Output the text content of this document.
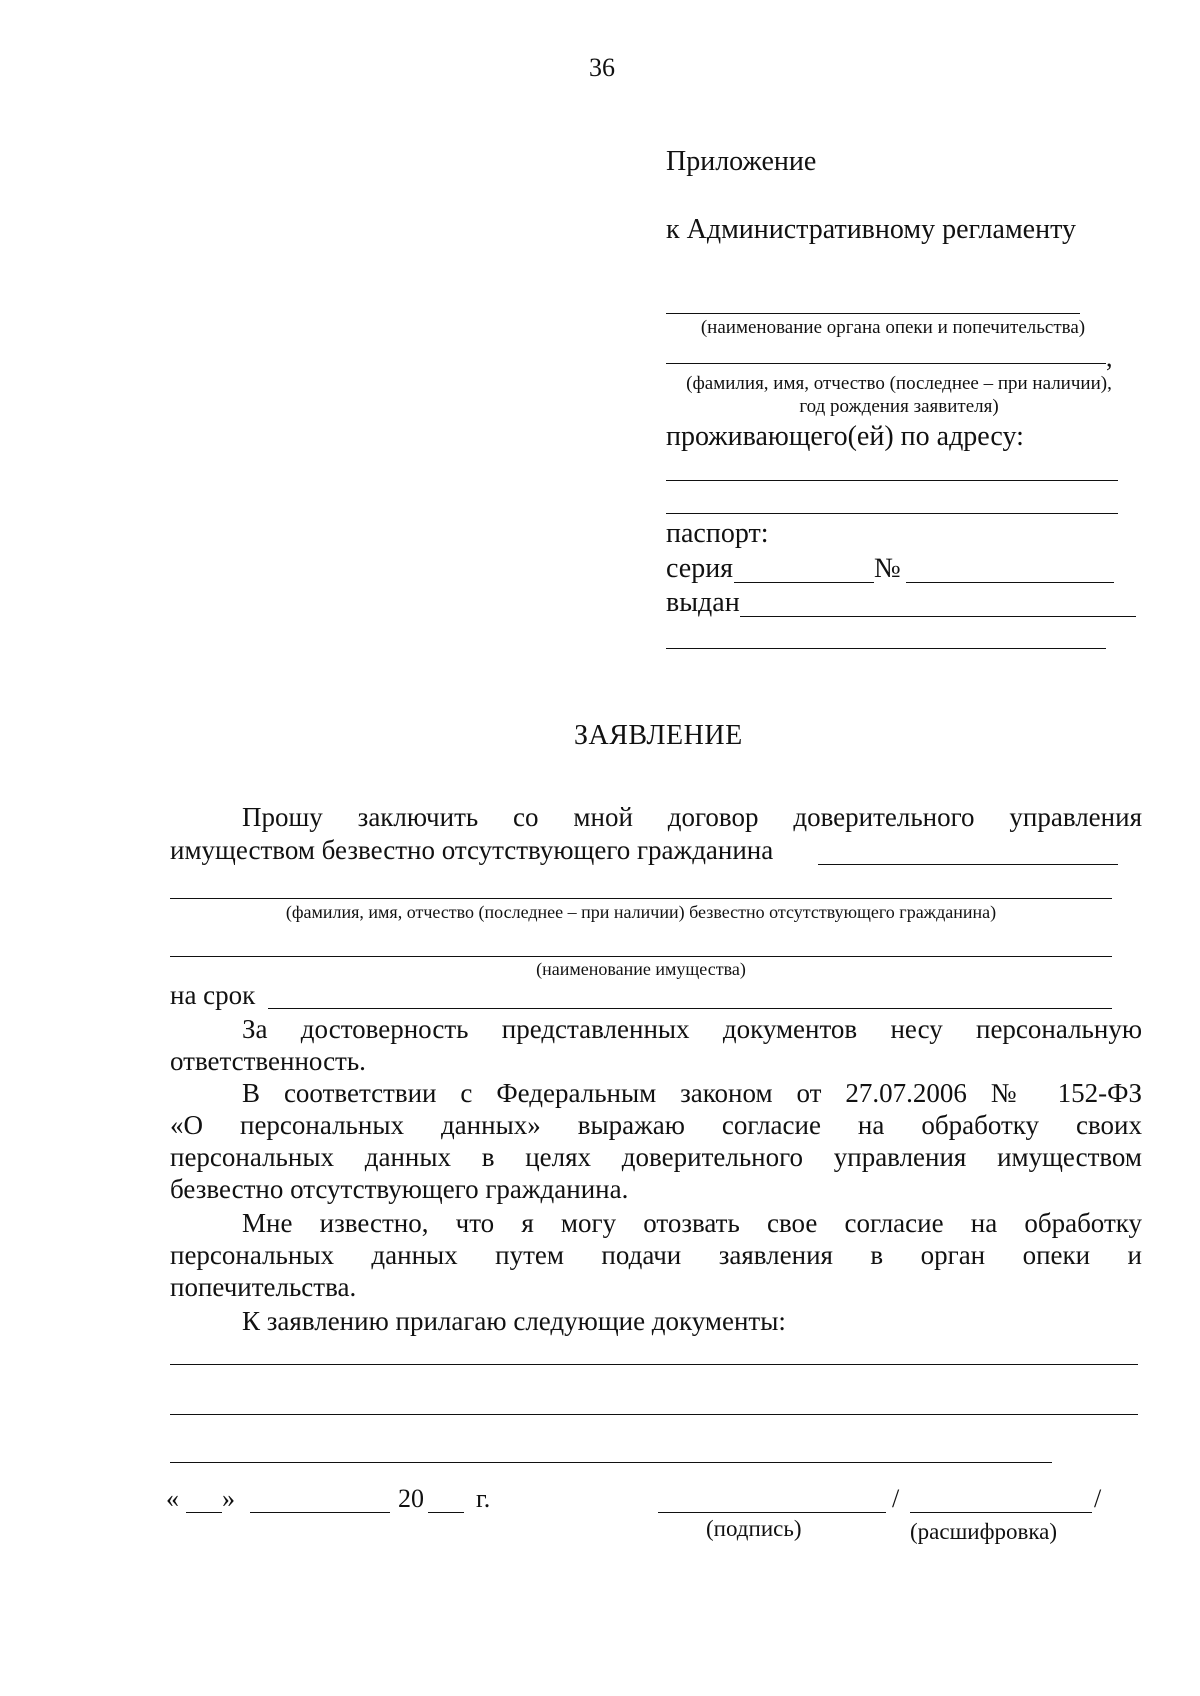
36
Приложение
к Административному регламенту
(наименование органа опеки и попечительства)
,
(фамилия, имя, отчество (последнее – при наличии),
год рождения заявителя)
проживающего(ей) по адресу:
паспорт:
серия	№
выдан
ЗАЯВЛЕНИЕ
Прошу заключить со мной договор доверительного управления
имуществом безвестно отсутствующего гражданина
(фамилия, имя, отчество (последнее – при наличии) безвестно отсутствующего гражданина)
(наименование имущества)
на срок
За достоверность представленных документов несу персональную
ответственность.
В соответствии с Федеральным законом от 27.07.2006 № 152-ФЗ
«О персональных данных» выражаю согласие на обработку своих
персональных данных в целях доверительного управления имуществом
безвестно отсутствующего гражданина.
Мне известно, что я могу отозвать свое согласие на обработку
персональных данных путем подачи заявления в орган опеки и
попечительства.
К заявлению прилагаю следующие документы:
« »	20 г.	/	/
(подпись)	(расшифровка)
